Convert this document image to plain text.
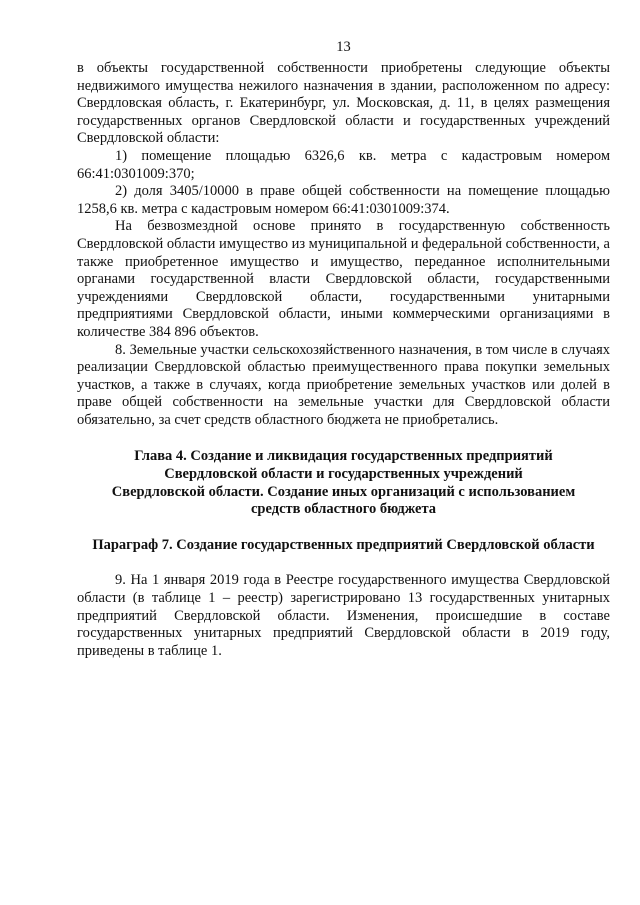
13

в объекты государственной собственности приобретены следующие объекты недвижимого имущества нежилого назначения в здании, расположенном по адресу: Свердловская область, г. Екатеринбург, ул. Московская, д. 11, в целях размещения государственных органов Свердловской области и государственных учреждений Свердловской области:

1) помещение площадью 6326,6 кв. метра с кадастровым номером 66:41:0301009:370;

2) доля 3405/10000 в праве общей собственности на помещение площадью 1258,6 кв. метра с кадастровым номером 66:41:0301009:374.

На безвозмездной основе принято в государственную собственность Свердловской области имущество из муниципальной и федеральной собственности, а также приобретенное имущество и имущество, переданное исполнительными органами государственной власти Свердловской области, государственными учреждениями Свердловской области, государственными унитарными предприятиями Свердловской области, иными коммерческими организациями в количестве 384 896 объектов.

8. Земельные участки сельскохозяйственного назначения, в том числе в случаях реализации Свердловской областью преимущественного права покупки земельных участков, а также в случаях, когда приобретение земельных участков или долей в праве общей собственности на земельные участки для Свердловской области обязательно, за счет средств областного бюджета не приобретались.

Глава 4. Создание и ликвидация государственных предприятий
Свердловской области и государственных учреждений
Свердловской области. Создание иных организаций с использованием
средств областного бюджета
Параграф 7. Создание государственных предприятий Свердловской области

9. На 1 января 2019 года в Реестре государственного имущества Свердловской области (в таблице 1 – реестр) зарегистрировано 13 государственных унитарных предприятий Свердловской области. Изменения, происшедшие в составе государственных унитарных предприятий Свердловской области в 2019 году, приведены в таблице 1.
